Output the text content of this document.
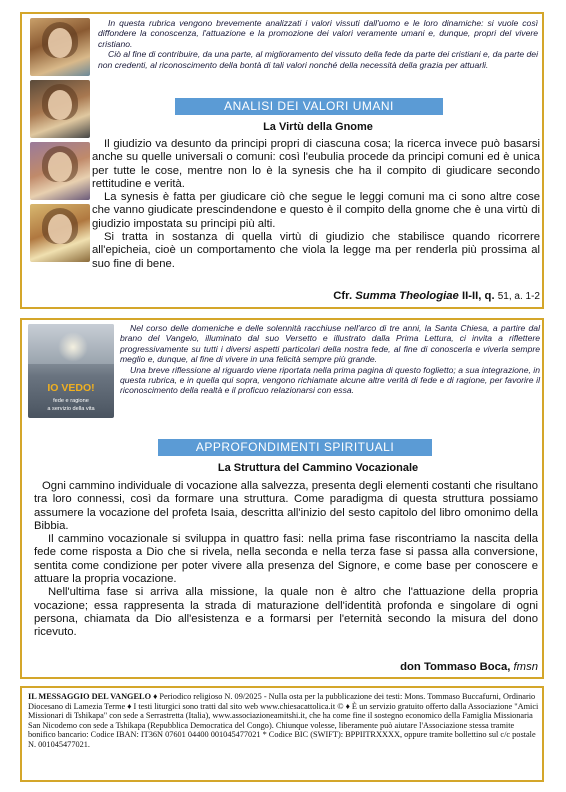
In questa rubrica vengono brevemente analizzati i valori vissuti dall'uomo e le loro dinamiche: si vuole così diffondere la conoscenza, l'attuazione e la promozione dei valori veramente umani e, dunque, propri del vivere cristiano.

Ciò al fine di contribuire, da una parte, al miglioramento del vissuto della fede da parte dei cristiani e, da parte dei non credenti, al riconoscimento della bontà di tali valori nonché della necessità della grazia per attuarli.

ANALISI DEI VALORI UMANI
La Virtù della Gnome

Il giudizio va desunto da principi propri di ciascuna cosa; la ricerca invece può basarsi anche su quelle universali o comuni: così l'eubulia procede da principi comuni ed è unica per tutte le cose, mentre non lo è la synesis che ha il compito di giudicare secondo rettitudine e verità.

La synesis è fatta per giudicare ciò che segue le leggi comuni ma ci sono altre cose che vanno giudicate prescindendone e questo è il compito della gnome che è una virtù di giudizio impostata su principi più alti.

Si tratta in sostanza di quella virtù di giudizio che stabilisce quando ricorrere all'epicheia, cioè un comportamento che viola la legge ma per renderla più prossima al suo fine di bene.

Cfr. Summa Theologiae II-II, q. 51, a. 1-2
IO VEDO!
fede e ragione
a servizio della vita

Nel corso delle domeniche e delle solennità racchiuse nell'arco di tre anni, la Santa Chiesa, a partire dal brano del Vangelo, illuminato dal suo Versetto e illustrato dalla Prima Lettura, ci invita a riflettere progressivamente su tutti i diversi aspetti particolari della nostra fede, al fine di conoscerla e viverla sempre meglio e, dunque, al fine di vivere in una felicità sempre più grande.

Una breve riflessione al riguardo viene riportata nella prima pagina di questo foglietto; a sua integrazione, in questa rubrica, e in quella qui sopra, vengono richiamate alcune altre verità di fede e di ragione, per favorire il riconoscimento della realtà e il proficuo relazionarsi con essa.

APPROFONDIMENTI SPIRITUALI
La Struttura del Cammino Vocazionale

Ogni cammino individuale di vocazione alla salvezza, presenta degli elementi costanti che risultano tra loro connessi, così da formare una struttura. Come paradigma di questa struttura possiamo assumere la vocazione del profeta Isaia, descritta all'inizio del sesto capitolo del libro omonimo della Bibbia.

Il cammino vocazionale si sviluppa in quattro fasi: nella prima fase riscontriamo la nascita della fede come risposta a Dio che si rivela, nella seconda e nella terza fase si passa alla conversione, sentita come condizione per poter vivere alla presenza del Signore, e come base per conoscere e attuare la propria vocazione.

Nell'ultima fase si arriva alla missione, la quale non è altro che l'attuazione della propria vocazione; essa rappresenta la strada di maturazione dell'identità profonda e singolare di ogni persona, chiamata da Dio all'esistenza e a formarsi per l'eternità secondo la misura del dono ricevuto.

don Tommaso Boca, fmsn
IL MESSAGGIO DEL VANGELO ♦ Periodico religioso N. 09/2025 - Nulla osta per la pubblicazione dei testi: Mons. Tommaso Buccafurni, Ordinario Diocesano di Lamezia Terme ♦ I testi liturgici sono tratti dal sito web www.chiesacattolica.it © ♦ È un servizio gratuito offerto dalla Associazione "Amici Missionari di Tshikapa" con sede a Serrastretta (Italia), www.associazioneamitshi.it, che ha come fine il sostegno economico della Famiglia Missionaria San Nicodemo con sede a Tshikapa (Repubblica Democratica del Congo). Chiunque volesse, liberamente può aiutare l'Associazione stessa tramite bonifico bancario: Codice IBAN: IT36N 07601 04400 001045477021 * Codice BIC (SWIFT): BPPIITRXXXX, oppure tramite bollettino sul c/c postale N. 001045477021.
